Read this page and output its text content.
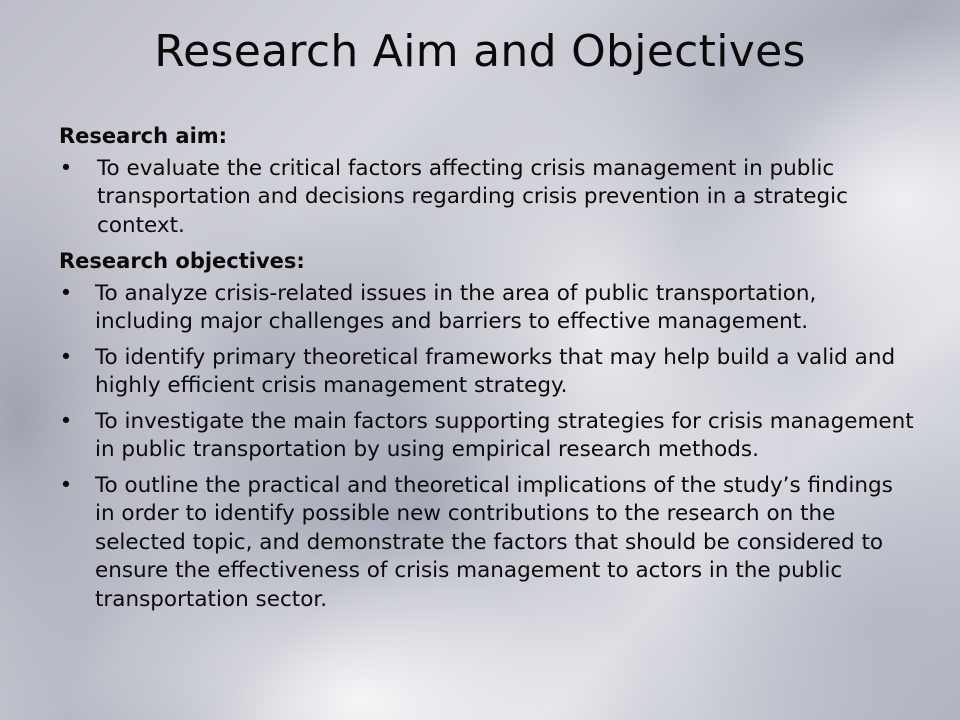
Research Aim and Objectives

Research aim:

• To evaluate the critical factors affecting crisis management in public transportation and decisions regarding crisis prevention in a strategic context.

Research objectives:

• To analyze crisis-related issues in the area of public transportation, including major challenges and barriers to effective management.
• To identify primary theoretical frameworks that may help build a valid and highly efficient crisis management strategy.
• To investigate the main factors supporting strategies for crisis management in public transportation by using empirical research methods.
• To outline the practical and theoretical implications of the study’s findings in order to identify possible new contributions to the research on the selected topic, and demonstrate the factors that should be considered to ensure the effectiveness of crisis management to actors in the public transportation sector.
